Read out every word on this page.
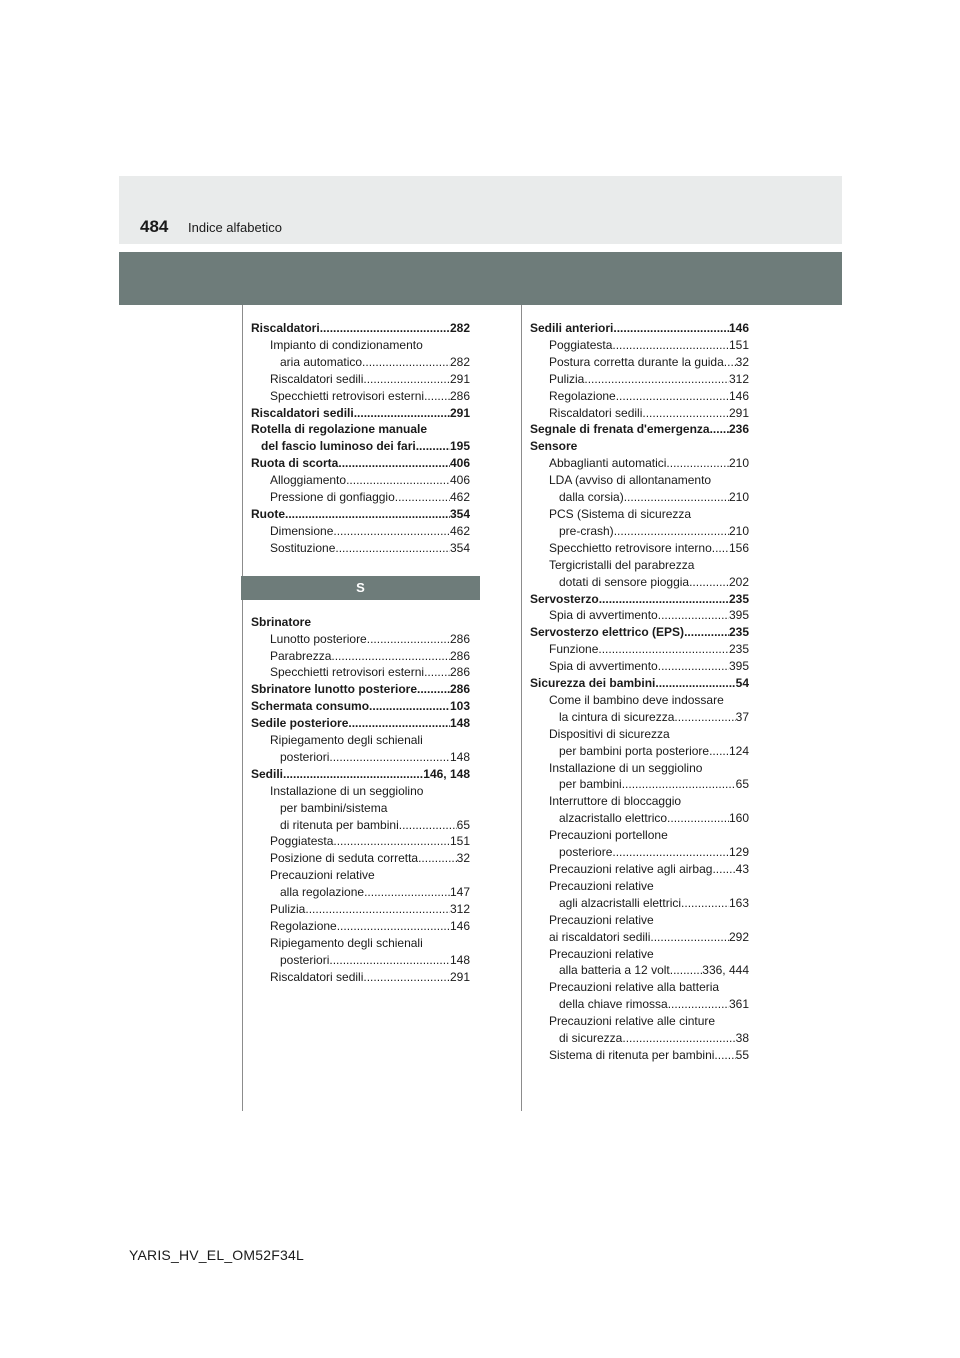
484 Indice alfabetico
Riscaldatori .....	282
Impianto di condizionamento
aria automatico .....	282
Riscaldatori sedili .....	291
Specchietti retrovisori esterni ..... 286
Riscaldatori sedili .....	291
Rotella di regolazione manuale
del fascio luminoso dei fari .....	195
Ruota di scorta .....	406
Alloggiamento .....	406
Pressione di gonfiaggio .....	462
Ruote .....	354
Dimensione .....	462
Sostituzione .....	354
S
Sbrinatore
Lunotto posteriore .....	286
Parabrezza .....	286
Specchietti retrovisori esterni ..... 286
Sbrinatore lunotto posteriore .....	286
Schermata consumo .....	103
Sedile posteriore .....	148
Ripiegamento degli schienali
posteriori .....	148
Sedili .....	146, 148
Installazione di un seggiolino
per bambini/sistema
di ritenuta per bambini .....	65
Poggiatesta .....	151
Posizione di seduta corretta .....	32
Precauzioni relative
alla regolazione .....	147
Pulizia .....	312
Regolazione .....	146
Ripiegamento degli schienali
posteriori .....	148
Riscaldatori sedili .....	291
Sedili anteriori .....	146
Poggiatesta .....	151
Postura corretta durante la guida ..... 32
Pulizia .....	312
Regolazione .....	146
Riscaldatori sedili .....	291
Segnale di frenata d'emergenza ..... 236
Sensore
Abbaglianti automatici .....	210
LDA (avviso di allontanamento
dalla corsia) .....	210
PCS (Sistema di sicurezza
pre-crash) .....	210
Specchietto retrovisore interno ..... 156
Tergicristalli del parabrezza
dotati di sensore pioggia .....	202
Servosterzo .....	235
Spia di avvertimento .....	395
Servosterzo elettrico (EPS) .....	235
Funzione .....	235
Spia di avvertimento .....	395
Sicurezza dei bambini .....	54
Come il bambino deve indossare
la cintura di sicurezza .....	37
Dispositivi di sicurezza
per bambini porta posteriore ..... 124
Installazione di un seggiolino
per bambini .....	65
Interruttore di bloccaggio
alzacristallo elettrico .....	160
Precauzioni portellone
posteriore .....	129
Precauzioni relative agli airbag ..... 43
Precauzioni relative
agli alzacristalli elettrici .....	163
Precauzioni relative
ai riscaldatori sedili .....	292
Precauzioni relative
alla batteria a 12 volt .....	336, 444
Precauzioni relative alla batteria
della chiave rimossa .....	361
Precauzioni relative alle cinture
di sicurezza .....	38
Sistema di ritenuta per bambini ..... 55
YARIS_HV_EL_OM52F34L
